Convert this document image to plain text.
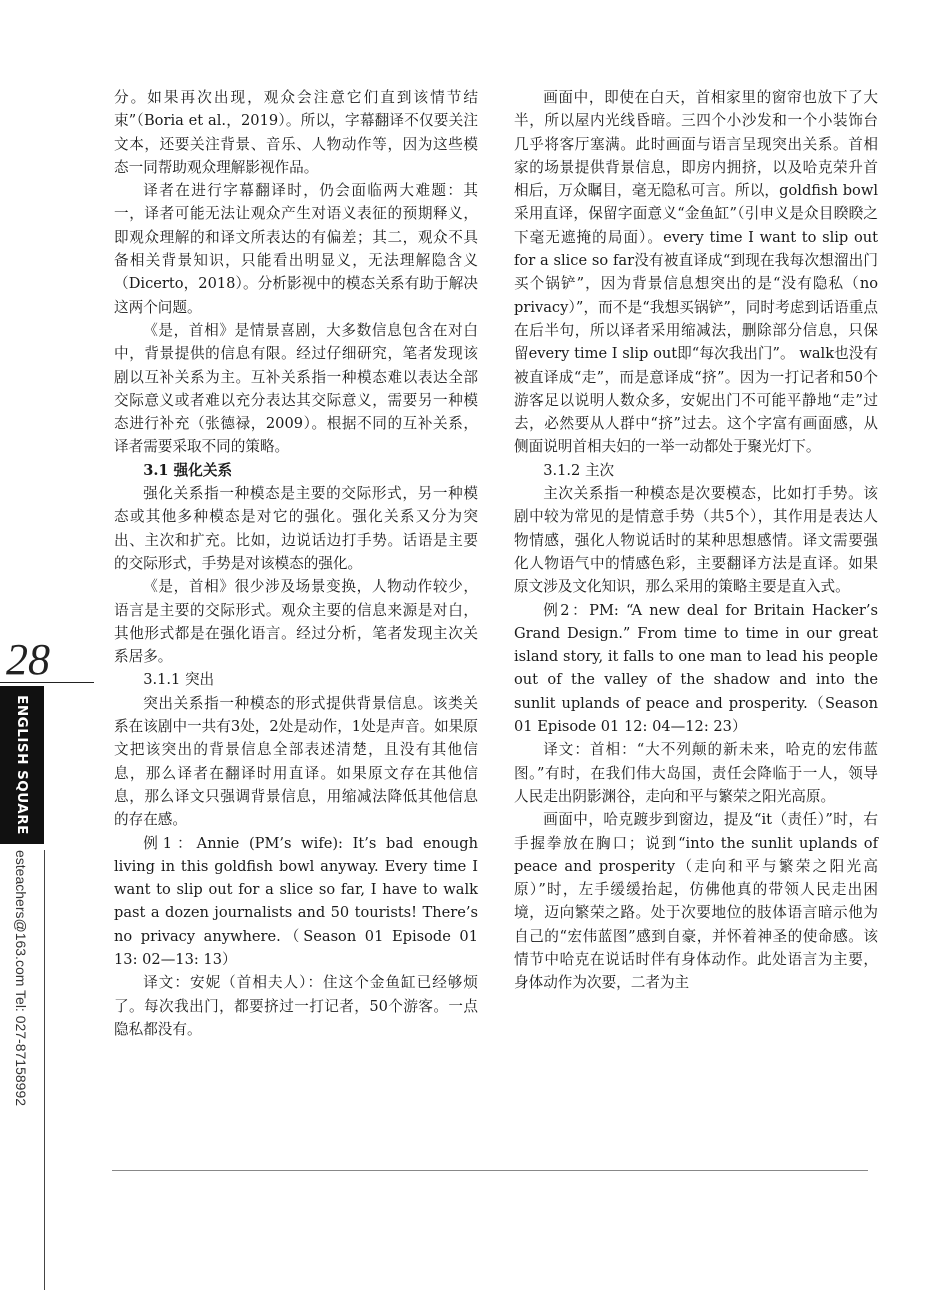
28
ENGLISH SQUARE
esteachers@163.com Tel: 027-87158992

分。如果再次出现，观众会注意它们直到该情节结束”（Boria et al.，2019）。所以，字幕翻译不仅要关注文本，还要关注背景、音乐、人物动作等，因为这些模态一同帮助观众理解影视作品。

译者在进行字幕翻译时，仍会面临两大难题：其一，译者可能无法让观众产生对语义表征的预期释义，即观众理解的和译文所表达的有偏差；其二，观众不具备相关背景知识，只能看出明显义，无法理解隐含义（Dicerto，2018）。分析影视中的模态关系有助于解决这两个问题。

《是，首相》是情景喜剧，大多数信息包含在对白中，背景提供的信息有限。经过仔细研究，笔者发现该剧以互补关系为主。互补关系指一种模态难以表达全部交际意义或者难以充分表达其交际意义，需要另一种模态进行补充（张德禄，2009）。根据不同的互补关系，译者需要采取不同的策略。

3.1 强化关系

强化关系指一种模态是主要的交际形式，另一种模态或其他多种模态是对它的强化。强化关系又分为突出、主次和扩充。比如，边说话边打手势。话语是主要的交际形式，手势是对该模态的强化。

《是，首相》很少涉及场景变换，人物动作较少，语言是主要的交际形式。观众主要的信息来源是对白，其他形式都是在强化语言。经过分析，笔者发现主次关系居多。

3.1.1 突出

突出关系指一种模态的形式提供背景信息。该类关系在该剧中一共有3处，2处是动作，1处是声音。如果原文把该突出的背景信息全部表述清楚，且没有其他信息，那么译者在翻译时用直译。如果原文存在其他信息，那么译文只强调背景信息，用缩减法降低其他信息的存在感。

例1：Annie (PM’s wife): It’s bad enough living in this goldfish bowl anyway. Every time I want to slip out for a slice so far, I have to walk past a dozen journalists and 50 tourists! There’s no privacy anywhere.（Season 01 Episode 01 13: 02—13: 13）

译文：安妮（首相夫人）：住这个金鱼缸已经够烦了。每次我出门，都要挤过一打记者，50个游客。一点隐私都没有。

画面中，即使在白天，首相家里的窗帘也放下了大半，所以屋内光线昏暗。三四个小沙发和一个小装饰台几乎将客厅塞满。此时画面与语言呈现突出关系。首相家的场景提供背景信息，即房内拥挤，以及哈克荣升首相后，万众瞩目，毫无隐私可言。所以，goldfish bowl采用直译，保留字面意义“金鱼缸”（引申义是众目睽睽之下毫无遮掩的局面）。every time I want to slip out for a slice so far没有被直译成“到现在我每次想溜出门买个锅铲”，因为背景信息想突出的是“没有隐私（no privacy）”，而不是“我想买锅铲”，同时考虑到话语重点在后半句，所以译者采用缩减法，删除部分信息，只保留every time I slip out即“每次我出门”。 walk也没有被直译成“走”，而是意译成“挤”。因为一打记者和50个游客足以说明人数众多，安妮出门不可能平静地“走”过去，必然要从人群中“挤”过去。这个字富有画面感，从侧面说明首相夫妇的一举一动都处于聚光灯下。

3.1.2 主次

主次关系指一种模态是次要模态，比如打手势。该剧中较为常见的是情意手势（共5个），其作用是表达人物情感，强化人物说话时的某种思想感情。译文需要强化人物语气中的情感色彩，主要翻译方法是直译。如果原文涉及文化知识，那么采用的策略主要是直入式。

例2：PM: “A new deal for Britain Hacker’s Grand Design.” From time to time in our great island story, it falls to one man to lead his people out of the valley of the shadow and into the sunlit uplands of peace and prosperity.（Season 01 Episode 01 12: 04—12: 23）

译文：首相：“大不列颠的新未来，哈克的宏伟蓝图。”有时，在我们伟大岛国，责任会降临于一人，领导人民走出阴影渊谷，走向和平与繁荣之阳光高原。

画面中，哈克踱步到窗边，提及“it（责任）”时，右手握拳放在胸口；说到“into the sunlit uplands of peace and prosperity（走向和平与繁荣之阳光高原）”时，左手缓缓抬起，仿佛他真的带领人民走出困境，迈向繁荣之路。处于次要地位的肢体语言暗示他为自己的“宏伟蓝图”感到自豪，并怀着神圣的使命感。该情节中哈克在说话时伴有身体动作。此处语言为主要，身体动作为次要，二者为主
